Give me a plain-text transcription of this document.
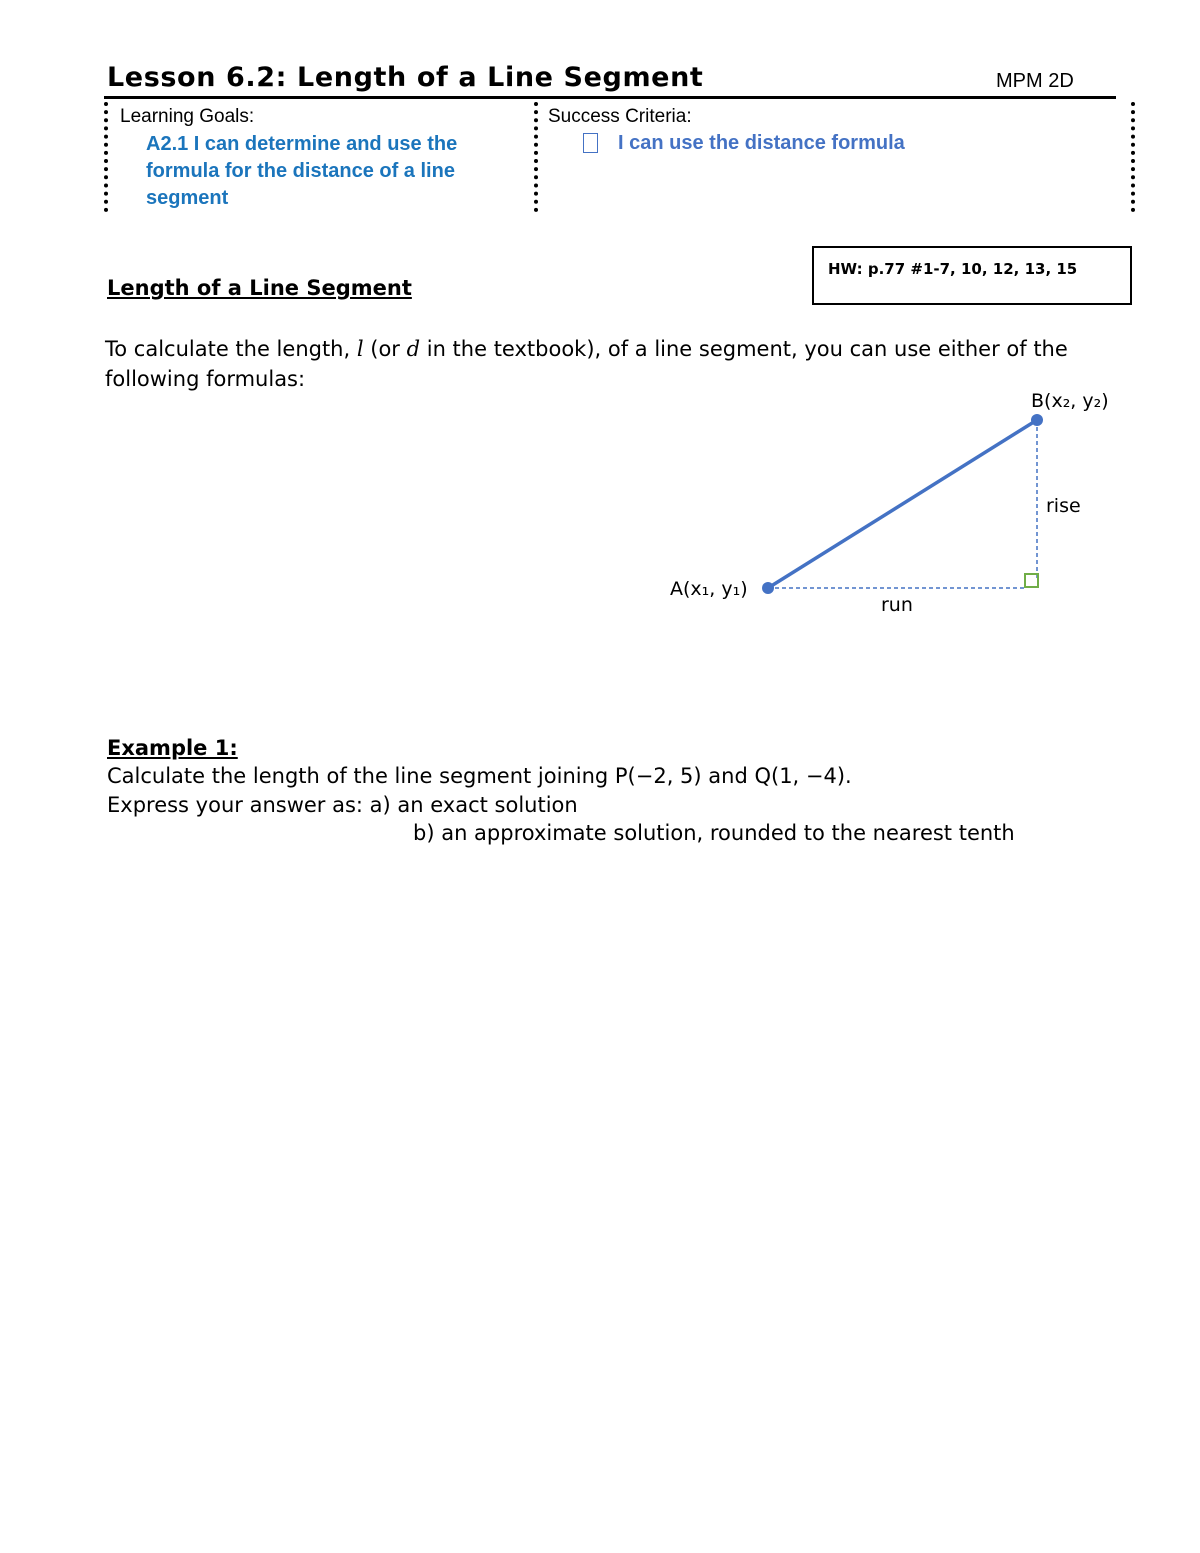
Lesson 6.2: Length of a Line Segment	MPM 2D
Learning Goals:
A2.1 I can determine and use the formula for the distance of a line segment
Success Criteria:
I can use the distance formula
HW: p.77 #1-7, 10, 12, 13, 15
Length of a Line Segment
To calculate the length, l (or d in the textbook), of a line segment, you can use either of the following formulas:
A(x₁, y₁)
B(x₂, y₂)
rise
run
Example 1:
Calculate the length of the line segment joining P(−2, 5) and Q(1, −4).
Express your answer as: a) an exact solution
b) an approximate solution, rounded to the nearest tenth
